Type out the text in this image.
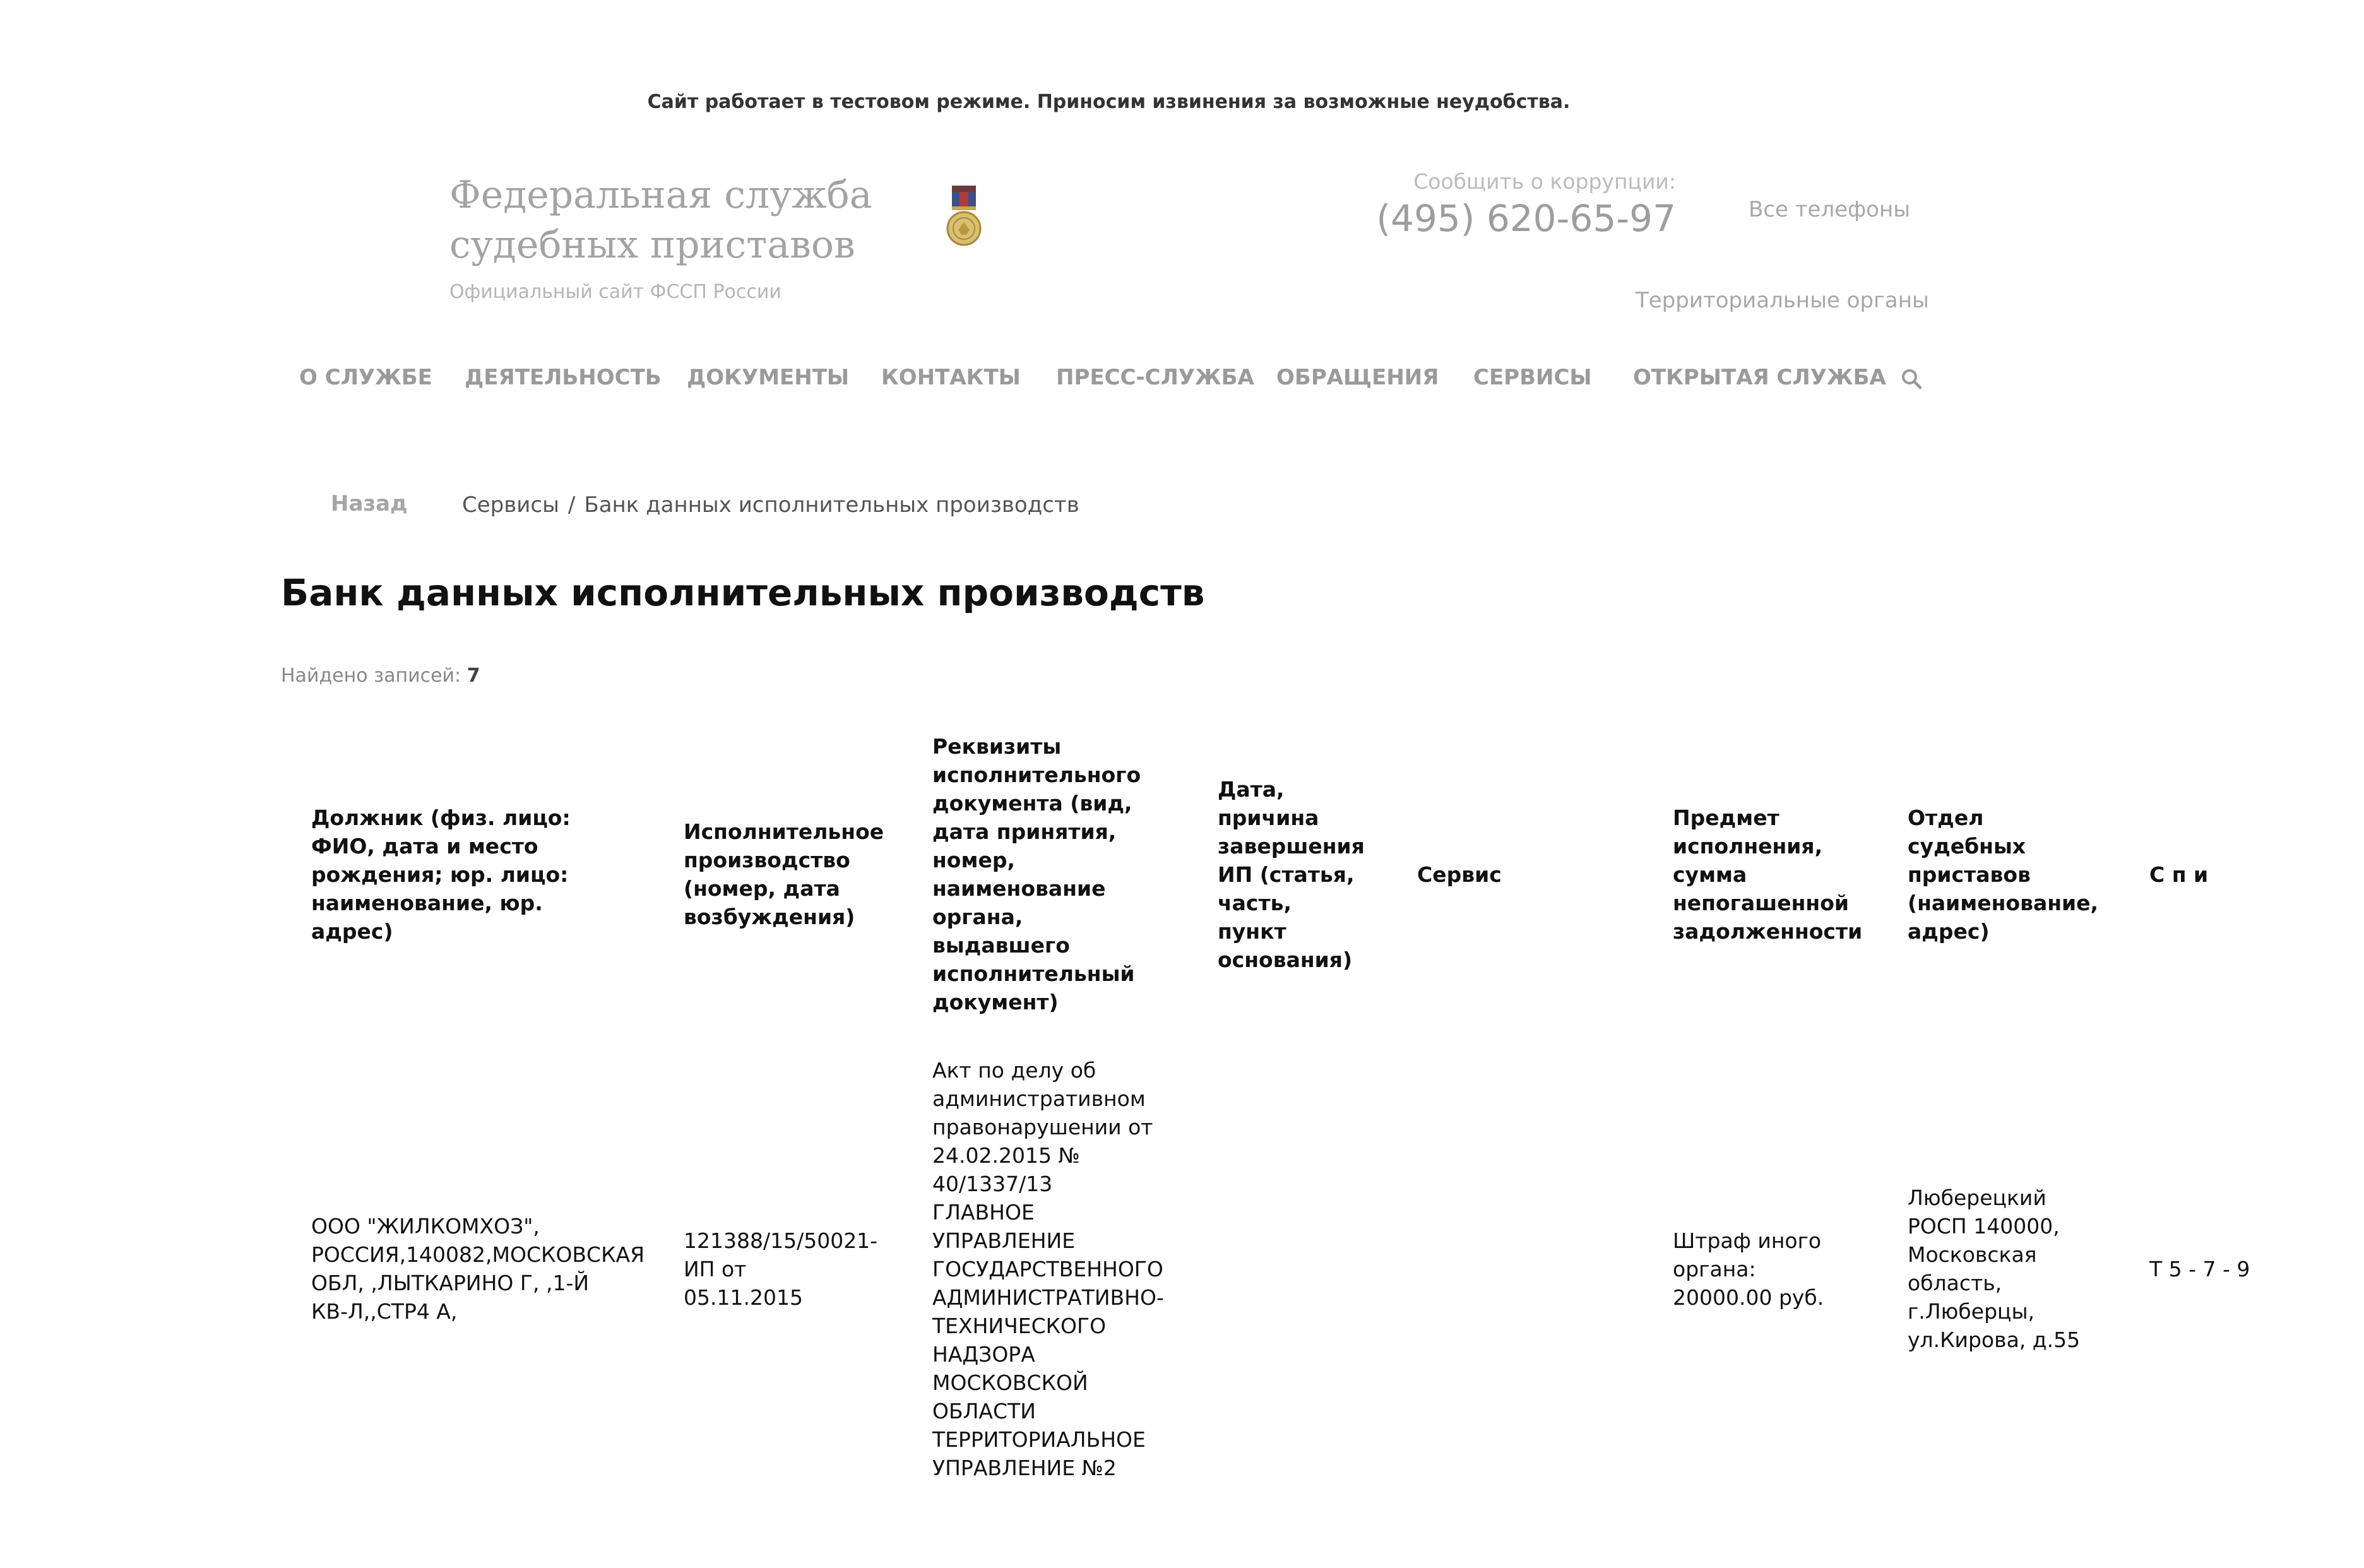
Сайт работает в тестовом режиме. Приносим извинения за возможные неудобства.
Федеральная служба
судебных приставов
Официальный сайт ФССП России
Сообщить о коррупции:
(495) 620-65-97	Все телефоны
Территориальные органы
О СЛУЖБЕ ДЕЯТЕЛЬНОСТЬ ДОКУМЕНТЫ КОНТАКТЫ ПРЕСС-СЛУЖБА ОБРАЩЕНИЯ СЕРВИСЫ ОТКРЫТАЯ СЛУЖБА
Назад	Сервисы / Банк данных исполнительных производств
Банк данных исполнительных производств
Найдено записей: 7
Должник (физ. лицо: ФИО, дата и место рождения; юр. лицо: наименование, юр. адрес)	Исполнительное производство (номер, дата возбуждения)	Реквизиты исполнительного документа (вид, дата принятия, номер, наименование органа, выдавшего исполнительный документ)	Дата, причина завершения ИП (статья, часть, пункт основания)	Сервис	Предмет исполнения, сумма непогашенной задолженности	Отдел судебных приставов (наименование, адрес)	С п и
ООО "ЖИЛКОМХОЗ", РОССИЯ,140082,МОСКОВСКАЯ ОБЛ, ,ЛЫТКАРИНО Г, ,1-Й КВ-Л,,СТР4 А,	121388/15/50021-ИП от 05.11.2015	Акт по делу об административном правонарушении от 24.02.2015 № 40/1337/13 ГЛАВНОЕ УПРАВЛЕНИЕ ГОСУДАРСТВЕННОГО АДМИНИСТРАТИВНО-ТЕХНИЧЕСКОГО НАДЗОРА МОСКОВСКОЙ ОБЛАСТИ ТЕРРИТОРИАЛЬНОЕ УПРАВЛЕНИЕ №2			Штраф иного органа: 20000.00 руб.	Люберецкий РОСП 140000, Московская область, г.Люберцы, ул.Кирова, д.55	Т 5 - 7 - 9
